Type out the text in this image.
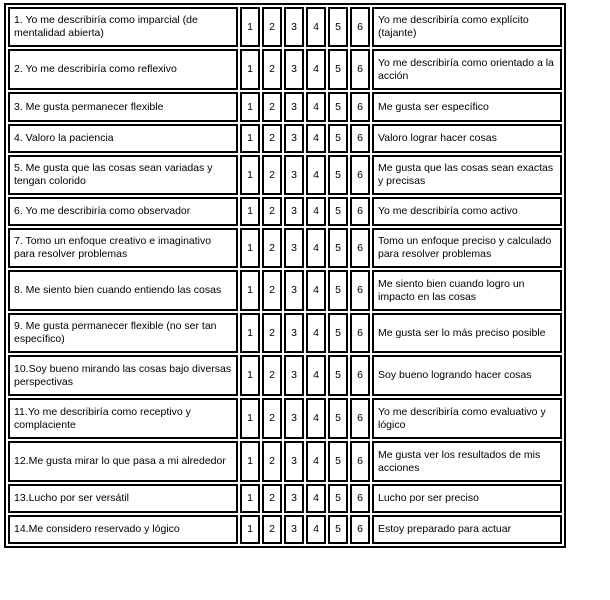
1. Yo me describiría como imparcial (de mentalidad abierta)	1	2	3	4	5	6	Yo me describiría como explícito (tajante)
2. Yo me describiría como reflexivo	1	2	3	4	5	6	Yo me describiría como orientado a la acción
3. Me gusta permanecer flexible	1	2	3	4	5	6	Me gusta ser específico
4. Valoro la paciencia	1	2	3	4	5	6	Valoro lograr hacer cosas
5. Me gusta que las cosas sean variadas y tengan colorido	1	2	3	4	5	6	Me gusta que las cosas sean exactas y precisas
6. Yo me describiría como observador	1	2	3	4	5	6	Yo me describiría como activo
7. Tomo un enfoque creativo e imaginativo para resolver problemas	1	2	3	4	5	6	Tomo un enfoque preciso y calculado para resolver problemas
8. Me siento bien cuando entiendo las cosas	1	2	3	4	5	6	Me siento bien cuando logro un impacto en las cosas
9. Me gusta permanecer flexible (no ser tan específico)	1	2	3	4	5	6	Me gusta ser lo más preciso posible
10.Soy bueno mirando las cosas bajo diversas perspectivas	1	2	3	4	5	6	Soy bueno logrando hacer cosas
11.Yo me describiría como receptivo y complaciente	1	2	3	4	5	6	Yo me describiría como evaluativo y lógico
12.Me gusta mirar lo que pasa a mi alrededor	1	2	3	4	5	6	Me gusta ver los resultados de mis acciones
13.Lucho por ser versátil	1	2	3	4	5	6	Lucho por ser preciso
14.Me considero reservado y lógico	1	2	3	4	5	6	Estoy preparado para actuar
